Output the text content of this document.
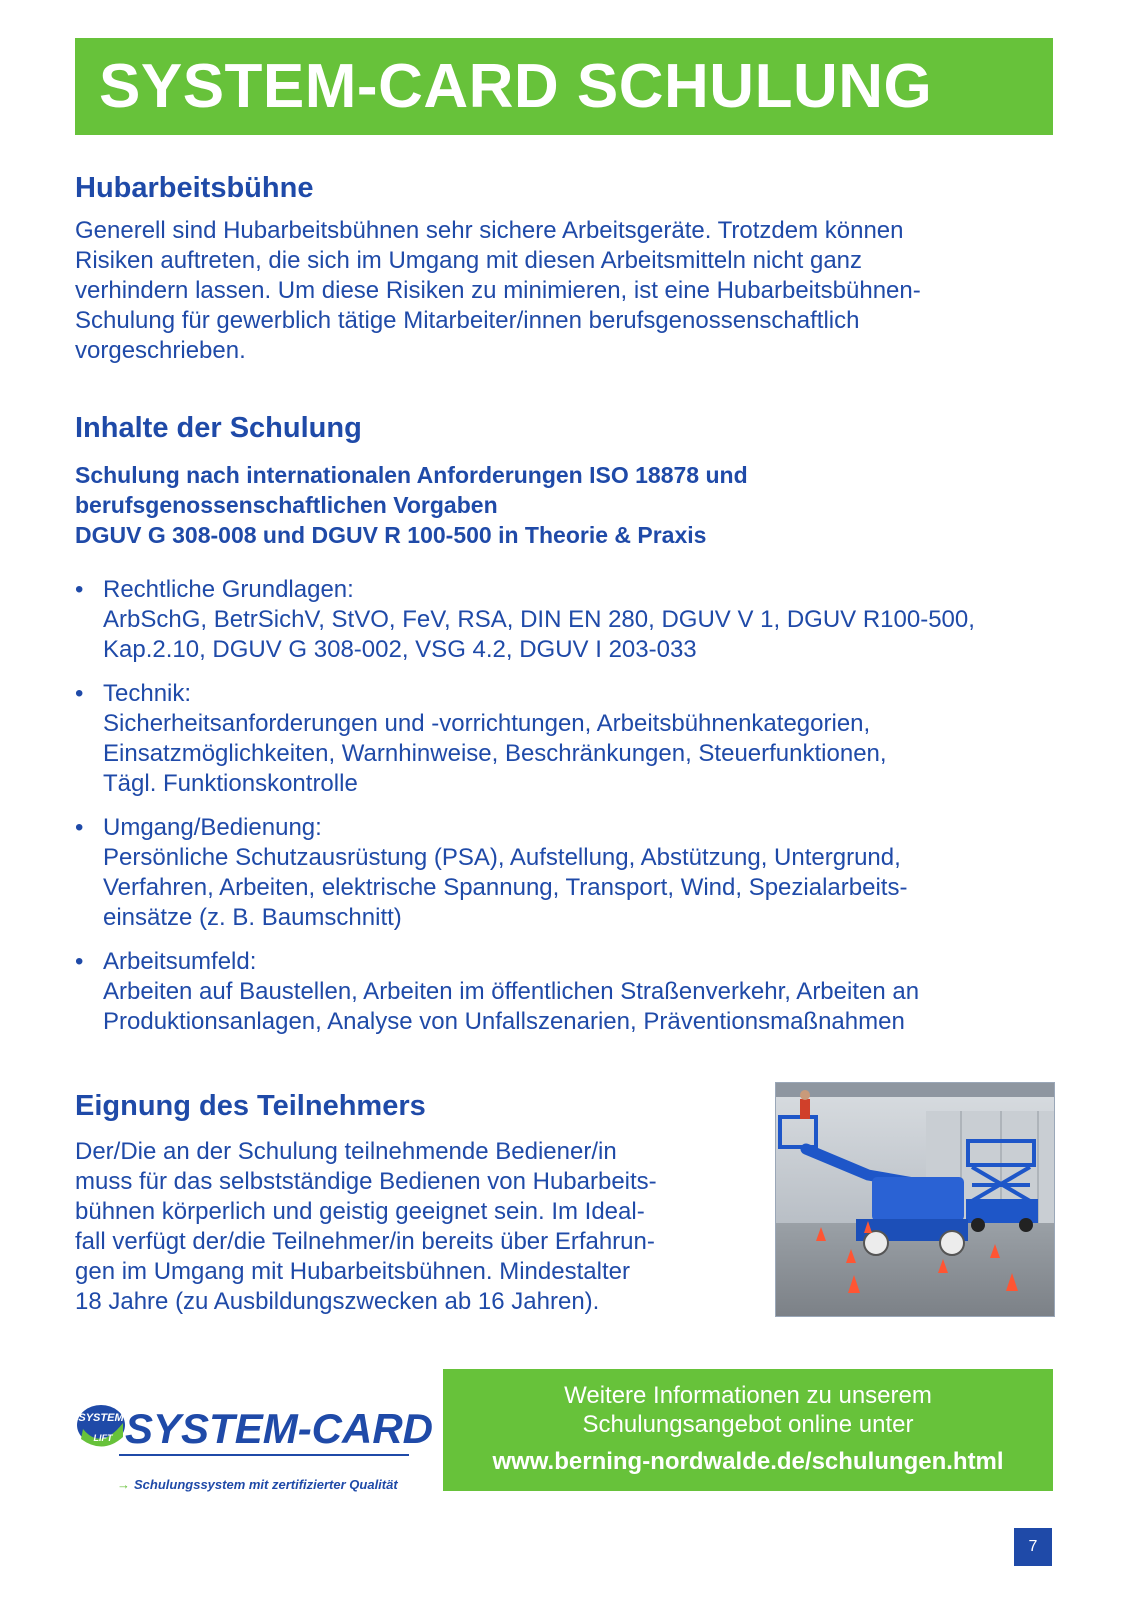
SYSTEM-CARD SCHULUNG
Hubarbeitsbühne
Generell sind Hubarbeitsbühnen sehr sichere Arbeitsgeräte. Trotzdem können
Risiken auftreten, die sich im Umgang mit diesen Arbeitsmitteln nicht ganz
verhindern lassen. Um diese Risiken zu minimieren, ist eine Hubarbeitsbühnen-
Schulung für gewerblich tätige Mitarbeiter/innen berufsgenossenschaftlich
vorgeschrieben.
Inhalte der Schulung
Schulung nach internationalen Anforderungen ISO 18878 und
berufsgenossenschaftlichen Vorgaben
DGUV G 308-008 und DGUV R 100-500 in Theorie & Praxis
• Rechtliche Grundlagen:
ArbSchG, BetrSichV, StVO, FeV, RSA, DIN EN 280, DGUV V 1, DGUV R100-500,
Kap.2.10, DGUV G 308-002, VSG 4.2, DGUV I 203-033
• Technik:
Sicherheitsanforderungen und -vorrichtungen, Arbeitsbühnenkategorien,
Einsatzmöglichkeiten, Warnhinweise, Beschränkungen, Steuerfunktionen,
Tägl. Funktionskontrolle
• Umgang/Bedienung:
Persönliche Schutzausrüstung (PSA), Aufstellung, Abstützung, Untergrund,
Verfahren, Arbeiten, elektrische Spannung, Transport, Wind, Spezialarbeits-
einsätze (z. B. Baumschnitt)
• Arbeitsumfeld:
Arbeiten auf Baustellen, Arbeiten im öffentlichen Straßenverkehr, Arbeiten an
Produktionsanlagen, Analyse von Unfallszenarien, Präventionsmaßnahmen
Eignung des Teilnehmers
Der/Die an der Schulung teilnehmende Bediener/in
muss für das selbstständige Bedienen von Hubarbeits-
bühnen körperlich und geistig geeignet sein. Im Ideal-
fall verfügt der/die Teilnehmer/in bereits über Erfahrun-
gen im Umgang mit Hubarbeitsbühnen. Mindestalter
18 Jahre (zu Ausbildungszwecken ab 16 Jahren).
SYSTEM
LIFT SYSTEM-CARD
→ Schulungssystem mit zertifizierter Qualität
Weitere Informationen zu unserem
Schulungsangebot online unter
www.berning-nordwalde.de/schulungen.html
7
